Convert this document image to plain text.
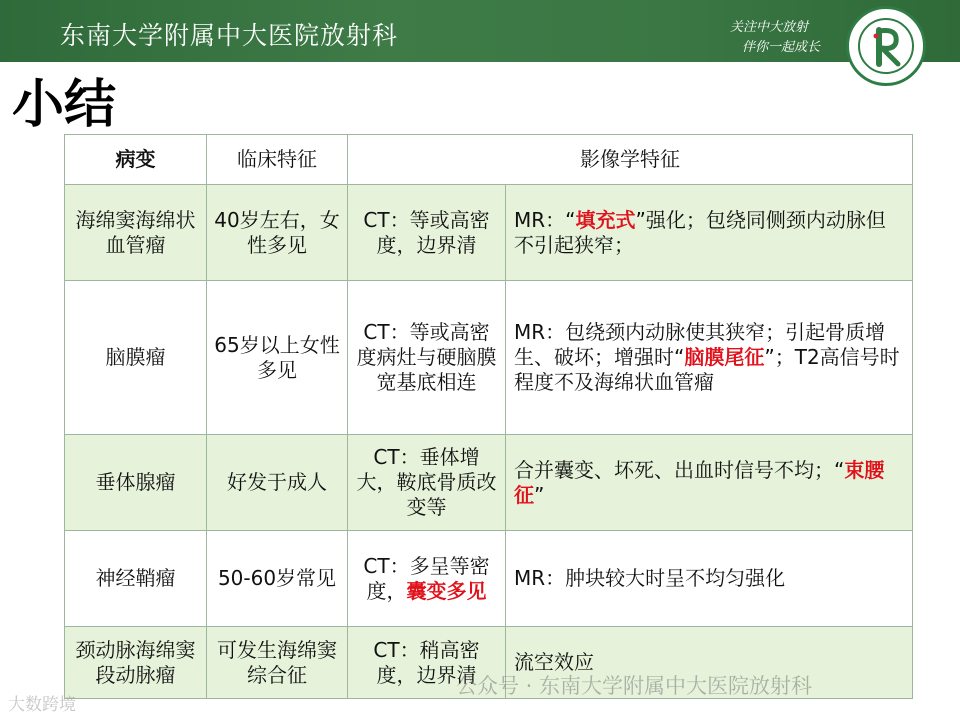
东南大学附属中大医院放射科	关注中大放射
伴你一起成长
小结
病变	临床特征	影像学特征	
海绵窦海绵状血管瘤	40岁左右，女性多见	CT：等或高密度，边界清	MR：“填充式”强化；包绕同侧颈内动脉但不引起狭窄；
脑膜瘤	65岁以上女性多见	CT：等或高密度病灶与硬脑膜宽基底相连	MR：包绕颈内动脉使其狭窄；引起骨质增生、破坏；增强时“脑膜尾征”；T2高信号时程度不及海绵状血管瘤
垂体腺瘤	好发于成人	CT：垂体增大，鞍底骨质改变等	合并囊变、坏死、出血时信号不均；“束腰征”
神经鞘瘤	50-60岁常见	CT：多呈等密度，囊变多见	MR：肿块较大时呈不均匀强化
颈动脉海绵窦段动脉瘤	可发生海绵窦综合征	CT：稍高密度，边界清	流空效应
公众号 · 东南大学附属中大医院放射科
大数跨境
